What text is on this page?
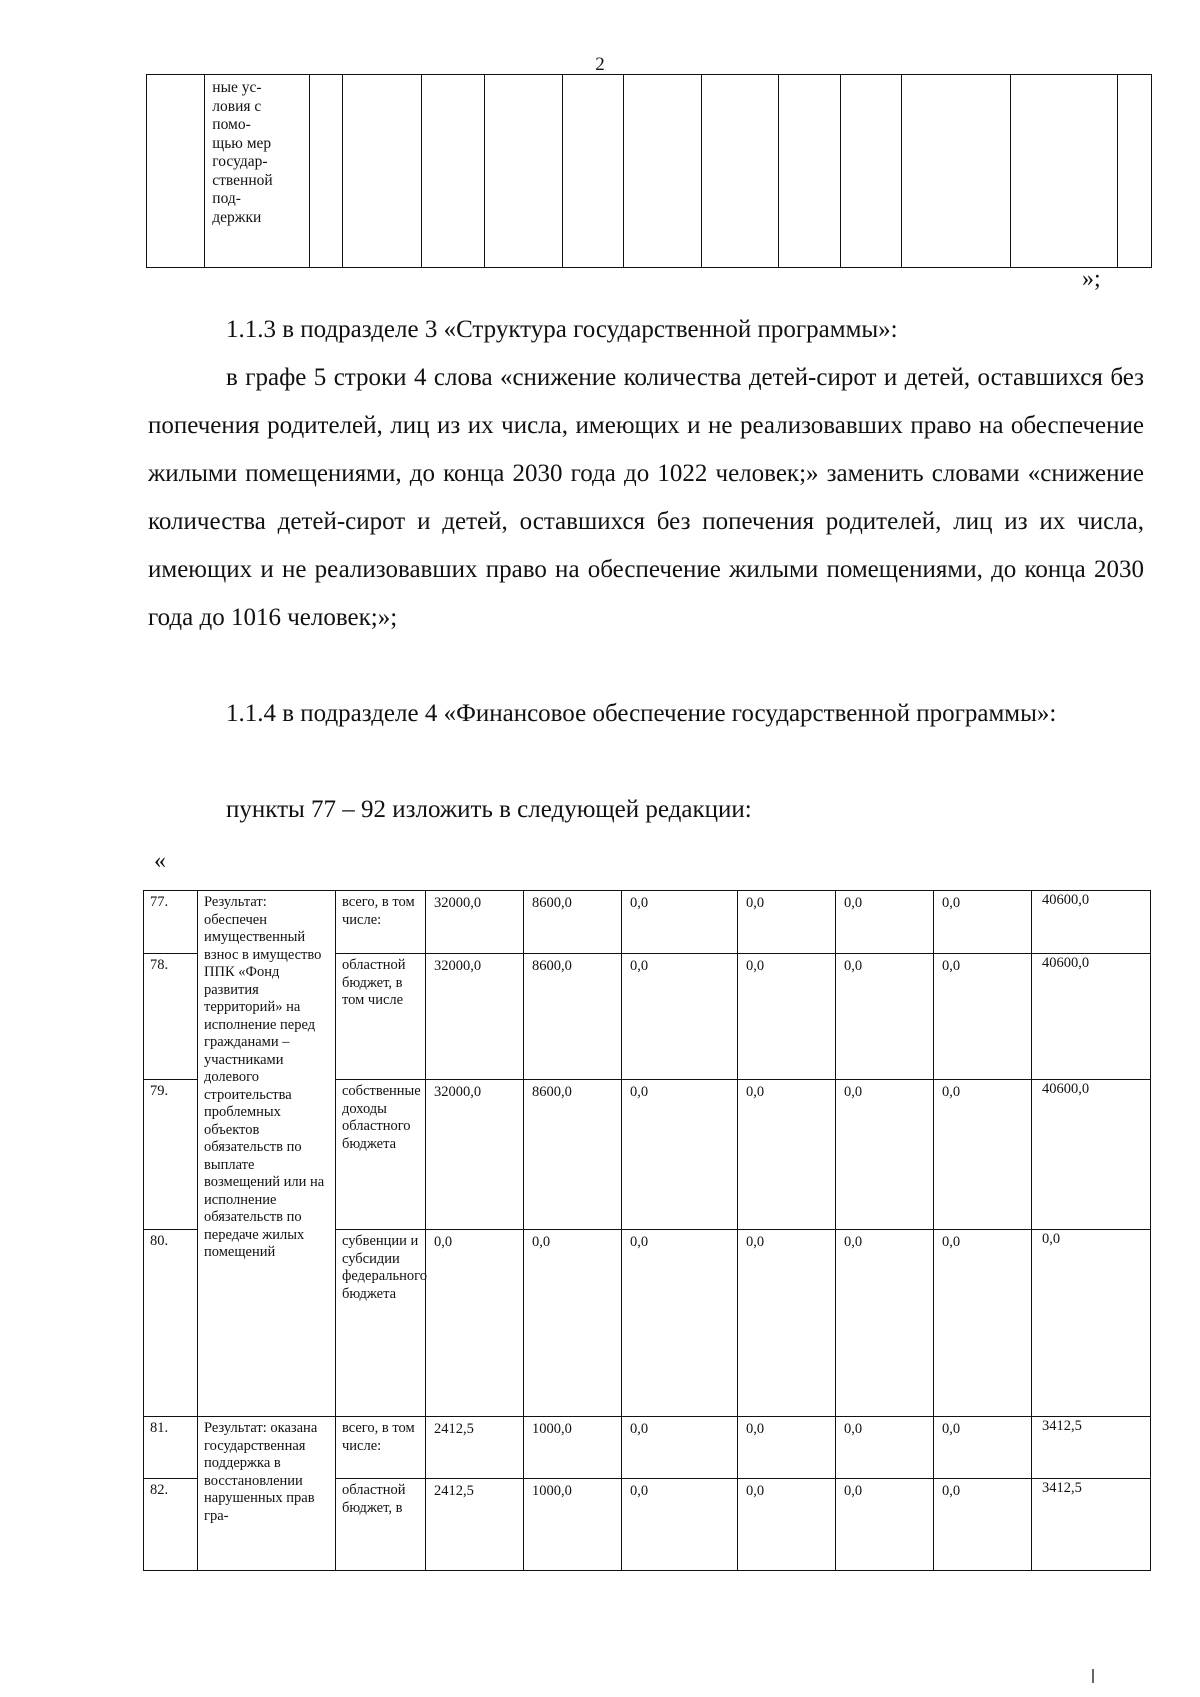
2

ные ус-
ловия с
помо-
щью мер
государ-
ственной
под-
держки

»;
1.1.3 в подразделе 3 «Структура государственной программы»:
в графе 5 строки 4 слова «снижение количества детей-сирот и детей, оставшихся без попечения родителей, лиц из их числа, имеющих и не реализовавших право на обеспечение жилыми помещениями, до конца 2030 года до 1022 человек;» заменить словами «снижение количества детей-сирот и детей, оставшихся без попечения родителей, лиц из их числа, имеющих и не реализовавших право на обеспечение жилыми помещениями, до конца 2030 года до 1016 человек;»;
1.1.4 в подразделе 4 «Финансовое обеспечение государственной программы»:
пункты 77 – 92 изложить в следующей редакции:
«
77.	Результат: обеспечен имущественный взнос в имущество ППК «Фонд развития территорий» на исполнение перед гражданами – участниками долевого строительства проблемных объектов обязательств по выплате возмещений или на исполнение обязательств по передаче жилых помещений	всего, в том числе:	32000,0	8600,0	0,0	0,0	0,0	0,0	40600,0
78.		областной бюджет, в том числе	32000,0	8600,0	0,0	0,0	0,0	0,0	40600,0
79.		собственные доходы областного бюджета	32000,0	8600,0	0,0	0,0	0,0	0,0	40600,0
80.		субвенции и субсидии федерального бюджета	0,0	0,0	0,0	0,0	0,0	0,0	0,0
81.	Результат: оказана государственная поддержка в восстановлении нарушенных прав гра-	всего, в том числе:	2412,5	1000,0	0,0	0,0	0,0	0,0	3412,5
82.		областной бюджет, в	2412,5	1000,0	0,0	0,0	0,0	0,0	3412,5
